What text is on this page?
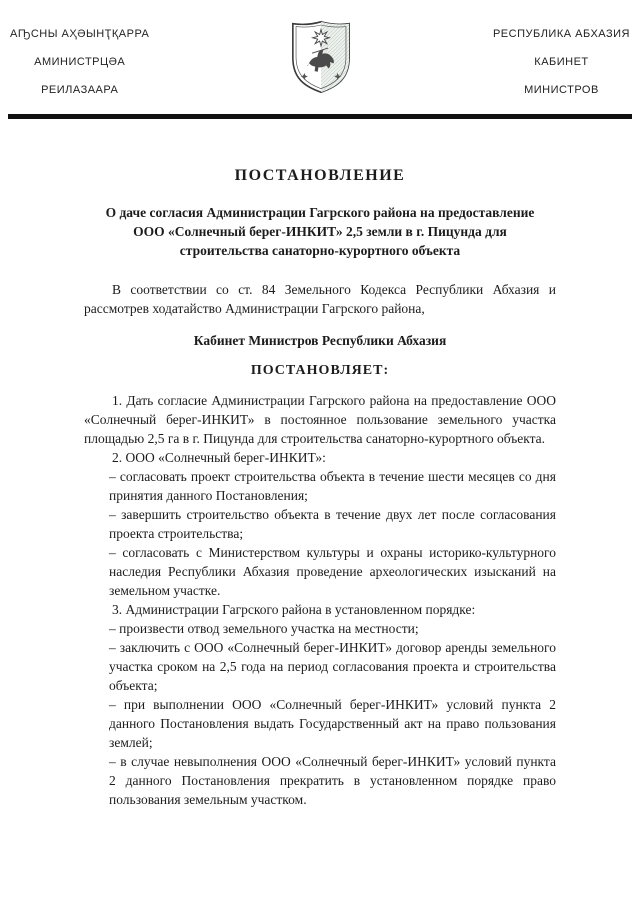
АҦСНЫ АҲӘЫНҬҚАРРА
АМИНИСТРЦӘА
РЕИЛАЗААРА
РЕСПУБЛИКА АБХАЗИЯ
КАБИНЕТ
МИНИСТРОВ
ПОСТАНОВЛЕНИЕ
О даче согласия Администрации Гагрского района на предоставление ООО «Солнечный берег-ИНКИТ» 2,5 земли в г. Пицунда для строительства санаторно-курортного объекта

В соответствии со ст. 84 Земельного Кодекса Республики Абхазия и рассмотрев ходатайство Администрации Гагрского района,

Кабинет Министров Республики Абхазия

ПОСТАНОВЛЯЕТ:

1. Дать согласие Администрации Гагрского района на предоставление ООО «Солнечный берег-ИНКИТ» в постоянное пользование земельного участка площадью 2,5 га в г. Пицунда для строительства санаторно-курортного объекта.

2. ООО «Солнечный берег-ИНКИТ»:

– согласовать проект строительства объекта в течение шести месяцев со дня принятия данного Постановления;

– завершить строительство объекта в течение двух лет после согласования проекта строительства;

– согласовать с Министерством культуры и охраны историко-культурного наследия Республики Абхазия проведение археологических изысканий на земельном участке.

3. Администрации Гагрского района в установленном порядке:

– произвести отвод земельного участка на местности;

– заключить с ООО «Солнечный берег-ИНКИТ» договор аренды земельного участка сроком на 2,5 года на период согласования проекта и строительства объекта;

– при выполнении ООО «Солнечный берег-ИНКИТ» условий пункта 2 данного Постановления выдать Государственный акт на право пользования землей;

– в случае невыполнения ООО «Солнечный берег-ИНКИТ» условий пункта 2 данного Постановления прекратить в установленном порядке право пользования земельным участком.
